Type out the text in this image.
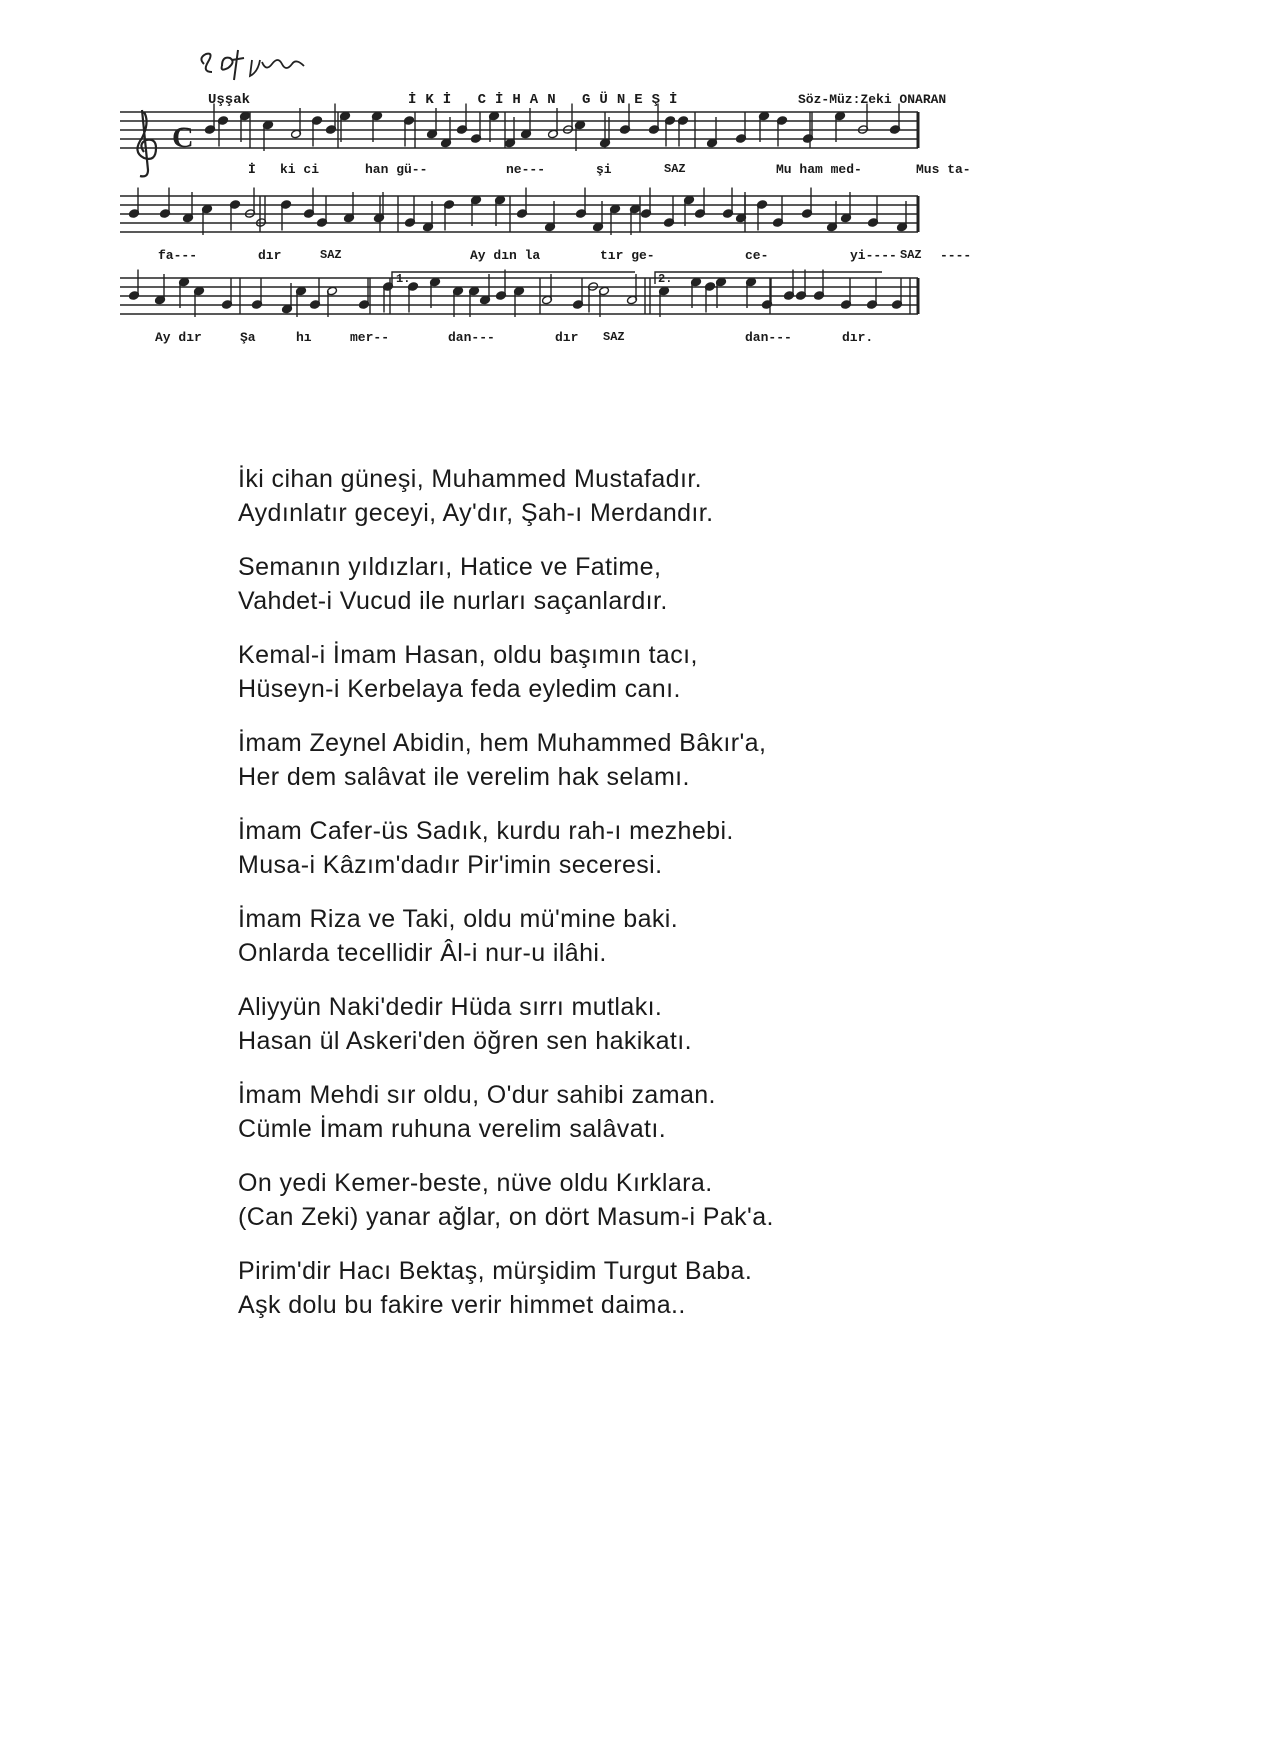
Uşşak	İKİ CİHAN GÜNEŞİ	Söz-Müz:Zeki ONARAN
C
1.	2.
İ ki ci	han gü--	ne---	şi	SAZ	Mu ham med-	Mus ta-
fa---	dır	SAZ	Ay dın la	tır ge-	ce-	yi---- SAZ ----
Ay dır	Şa	hı	mer--	dan---	dır SAZ	dan---	dır.
İki cihan güneşi, Muhammed Mustafadır.
Aydınlatır geceyi, Ay'dır, Şah-ı Merdandır.
Semanın yıldızları, Hatice ve Fatime,
Vahdet-i Vucud ile nurları saçanlardır.
Kemal-i İmam Hasan, oldu başımın tacı,
Hüseyn-i Kerbelaya feda eyledim canı.
İmam Zeynel Abidin, hem Muhammed Bâkır'a,
Her dem salâvat ile verelim hak selamı.
İmam Cafer-üs Sadık, kurdu rah-ı mezhebi.
Musa-i Kâzım'dadır Pir'imin seceresi.
İmam Riza ve Taki, oldu mü'mine baki.
Onlarda tecellidir Âl-i nur-u ilâhi.
Aliyyün Naki'dedir Hüda sırrı mutlakı.
Hasan ül Askeri'den öğren sen hakikatı.
İmam Mehdi sır oldu, O'dur sahibi zaman.
Cümle İmam ruhuna verelim salâvatı.
On yedi Kemer-beste, nüve oldu Kırklara.
(Can Zeki) yanar ağlar, on dört Masum-i Pak'a.
Pirim'dir Hacı Bektaş, mürşidim Turgut Baba.
Aşk dolu bu fakire verir himmet daima..
